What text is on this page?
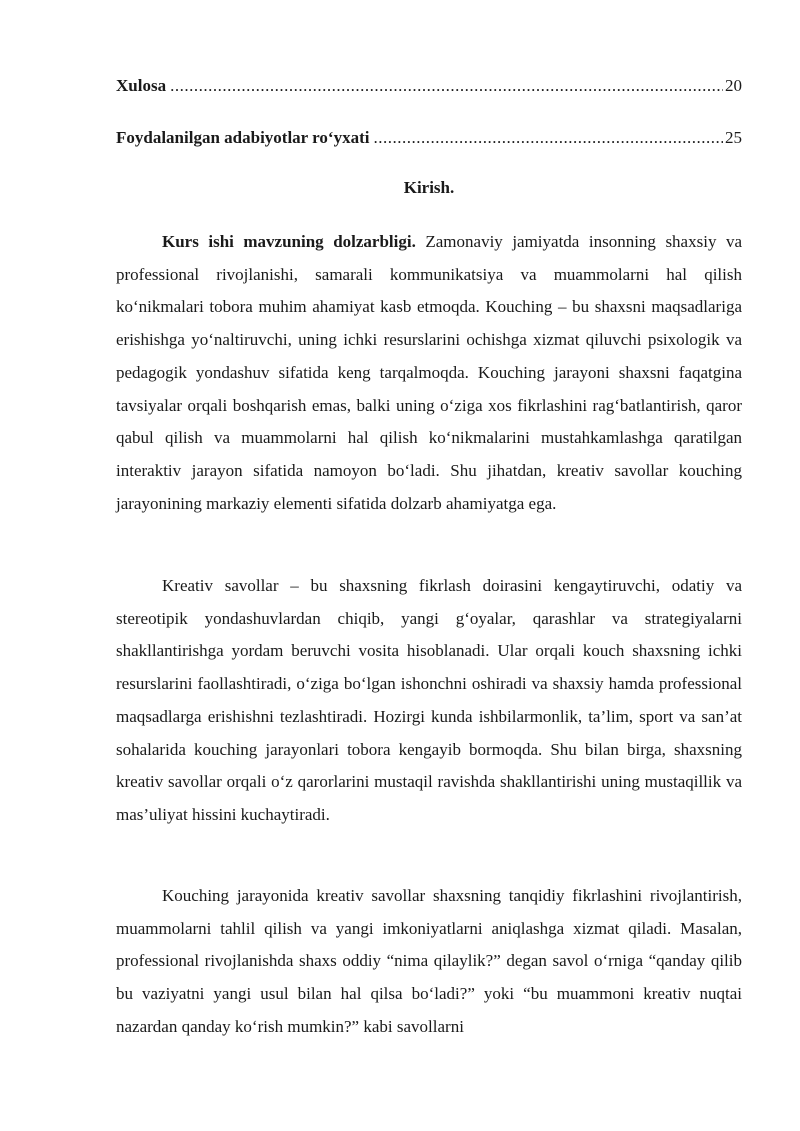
Xulosa .....	20
Foydalanilgan adabiyotlar ro‘yxati .....	25
Kirish.

Kurs ishi mavzuning dolzarbligi. Zamonaviy jamiyatda insonning shaxsiy va professional rivojlanishi, samarali kommunikatsiya va muammolarni hal qilish ko‘nikmalari tobora muhim ahamiyat kasb etmoqda. Kouching – bu shaxsni maqsadlariga erishishga yo‘naltiruvchi, uning ichki resurslarini ochishga xizmat qiluvchi psixologik va pedagogik yondashuv sifatida keng tarqalmoqda. Kouching jarayoni shaxsni faqatgina tavsiyalar orqali boshqarish emas, balki uning o‘ziga xos fikrlashini rag‘batlantirish, qaror qabul qilish va muammolarni hal qilish ko‘nikmalarini mustahkamlashga qaratilgan interaktiv jarayon sifatida namoyon bo‘ladi. Shu jihatdan, kreativ savollar kouching jarayonining markaziy elementi sifatida dolzarb ahamiyatga ega.

Kreativ savollar – bu shaxsning fikrlash doirasini kengaytiruvchi, odatiy va stereotipik yondashuvlardan chiqib, yangi g‘oyalar, qarashlar va strategiyalarni shakllantirishga yordam beruvchi vosita hisoblanadi. Ular orqali kouch shaxsning ichki resurslarini faollashtiradi, o‘ziga bo‘lgan ishonchni oshiradi va shaxsiy hamda professional maqsadlarga erishishni tezlashtiradi. Hozirgi kunda ishbilarmonlik, ta’lim, sport va san’at sohalarida kouching jarayonlari tobora kengayib bormoqda. Shu bilan birga, shaxsning kreativ savollar orqali o‘z qarorlarini mustaqil ravishda shakllantirishi uning mustaqillik va mas’uliyat hissini kuchaytiradi.

Kouching jarayonida kreativ savollar shaxsning tanqidiy fikrlashini rivojlantirish, muammolarni tahlil qilish va yangi imkoniyatlarni aniqlashga xizmat qiladi. Masalan, professional rivojlanishda shaxs oddiy “nima qilaylik?” degan savol o‘rniga “qanday qilib bu vaziyatni yangi usul bilan hal qilsa bo‘ladi?” yoki “bu muammoni kreativ nuqtai nazardan qanday ko‘rish mumkin?” kabi savollarni
